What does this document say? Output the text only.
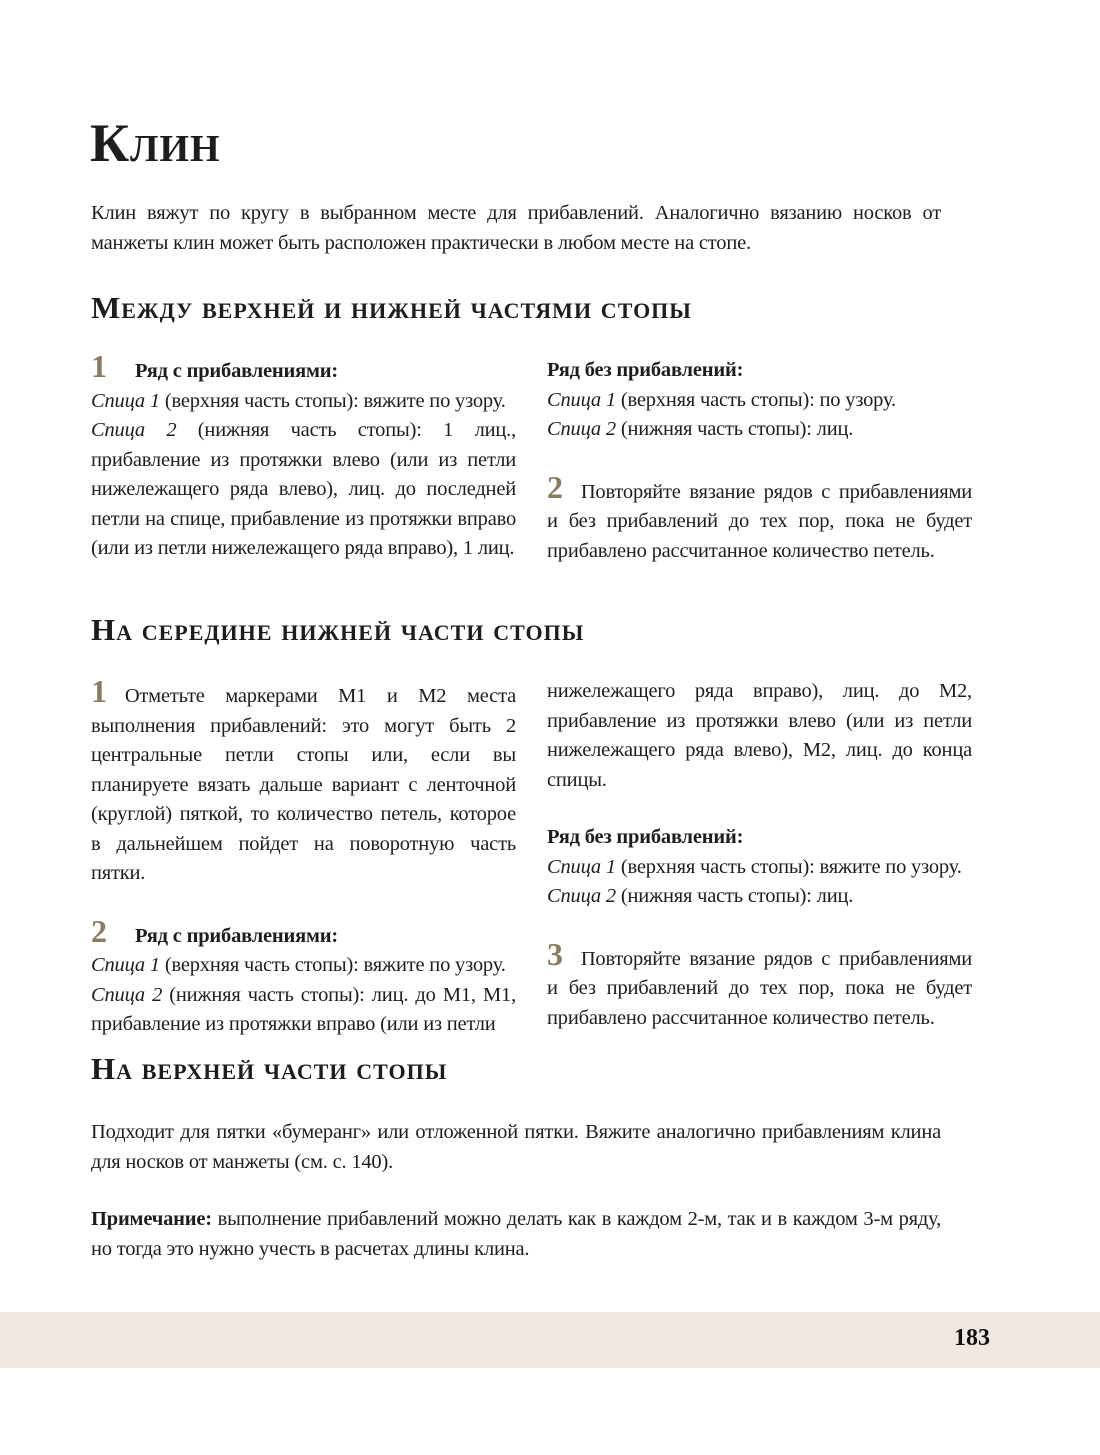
Клин

Клин вяжут по кругу в выбранном месте для прибавлений. Аналогично вязанию носков от манжеты клин может быть расположен практически в любом месте на стопе.

Между верхней и нижней частями стопы

1 Ряд с прибавлениями:

Спица 1 (верхняя часть стопы): вяжите по узору.

Спица 2 (нижняя часть стопы): 1 лиц., прибавление из протяжки влево (или из петли нижележащего ряда влево), лиц. до последней петли на спице, прибавление из протяжки вправо (или из петли нижележащего ряда вправо), 1 лиц.

Ряд без прибавлений:

Спица 1 (верхняя часть стопы): по узору.

Спица 2 (нижняя часть стопы): лиц.

2 Повторяйте вязание рядов с прибавлениями и без прибавлений до тех пор, пока не будет прибавлено рассчитанное количество петель.

На середине нижней части стопы

1 Отметьте маркерами М1 и М2 места выполнения прибавлений: это могут быть 2 центральные петли стопы или, если вы планируете вязать дальше вариант с ленточной (круглой) пяткой, то количество петель, которое в дальнейшем пойдет на поворотную часть пятки.

2 Ряд с прибавлениями:

Спица 1 (верхняя часть стопы): вяжите по узору.

Спица 2 (нижняя часть стопы): лиц. до М1, М1, прибавление из протяжки вправо (или из петли

нижележащего ряда вправо), лиц. до М2, прибавление из протяжки влево (или из петли нижележащего ряда влево), М2, лиц. до конца спицы.

Ряд без прибавлений:

Спица 1 (верхняя часть стопы): вяжите по узору.

Спица 2 (нижняя часть стопы): лиц.

3 Повторяйте вязание рядов с прибавлениями и без прибавлений до тех пор, пока не будет прибавлено рассчитанное количество петель.

На верхней части стопы

Подходит для пятки «бумеранг» или отложенной пятки. Вяжите аналогично прибавлениям клина для носков от манжеты (см. с. 140).

Примечание: выполнение прибавлений можно делать как в каждом 2-м, так и в каждом 3-м ряду, но тогда это нужно учесть в расчетах длины клина.

183
